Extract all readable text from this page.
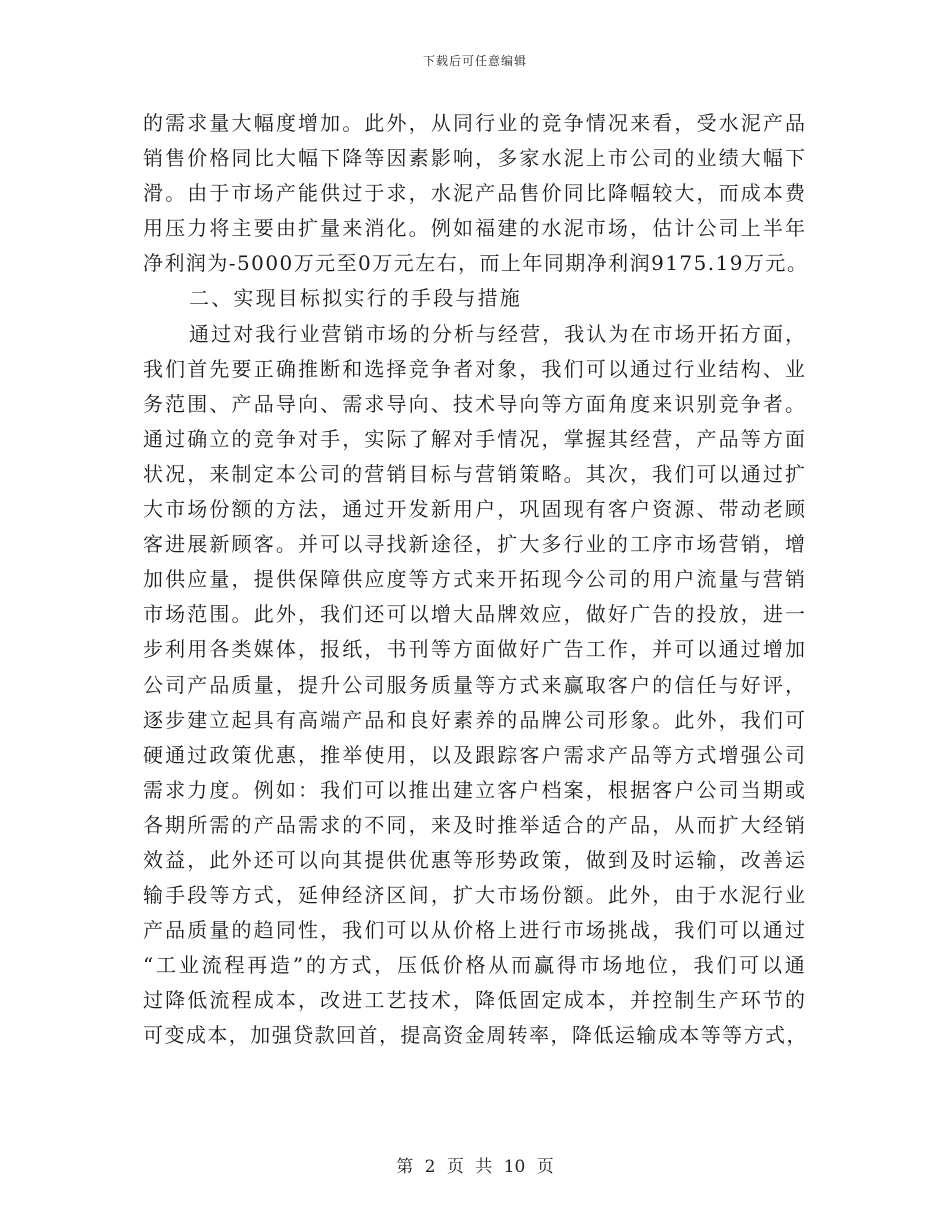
下载后可任意编辑
的需求量大幅度增加。此外，从同行业的竞争情况来看，受水泥产品
销售价格同比大幅下降等因素影响，多家水泥上市公司的业绩大幅下
滑。由于市场产能供过于求，水泥产品售价同比降幅较大，而成本费
用压力将主要由扩量来消化。例如福建的水泥市场，估计公司上半年
净利润为-5000万元至0万元左右，而上年同期净利润9175.19万元。
二、实现目标拟实行的手段与措施
通过对我行业营销市场的分析与经营，我认为在市场开拓方面，
我们首先要正确推断和选择竞争者对象，我们可以通过行业结构、业
务范围、产品导向、需求导向、技术导向等方面角度来识别竞争者。
通过确立的竞争对手，实际了解对手情况，掌握其经营，产品等方面
状况，来制定本公司的营销目标与营销策略。其次，我们可以通过扩
大市场份额的方法，通过开发新用户，巩固现有客户资源、带动老顾
客进展新顾客。并可以寻找新途径，扩大多行业的工序市场营销，增
加供应量，提供保障供应度等方式来开拓现今公司的用户流量与营销
市场范围。此外，我们还可以增大品牌效应，做好广告的投放，进一
步利用各类媒体，报纸，书刊等方面做好广告工作，并可以通过增加
公司产品质量，提升公司服务质量等方式来赢取客户的信任与好评，
逐步建立起具有高端产品和良好素养的品牌公司形象。此外，我们可
硬通过政策优惠，推举使用，以及跟踪客户需求产品等方式增强公司
需求力度。例如：我们可以推出建立客户档案，根据客户公司当期或
各期所需的产品需求的不同，来及时推举适合的产品，从而扩大经销
效益，此外还可以向其提供优惠等形势政策，做到及时运输，改善运
输手段等方式，延伸经济区间，扩大市场份额。此外，由于水泥行业
产品质量的趋同性，我们可以从价格上进行市场挑战，我们可以通过
“工业流程再造”的方式，压低价格从而赢得市场地位，我们可以通
过降低流程成本，改进工艺技术，降低固定成本，并控制生产环节的
可变成本，加强贷款回首，提高资金周转率，降低运输成本等等方式，
第 2 页 共 10 页
